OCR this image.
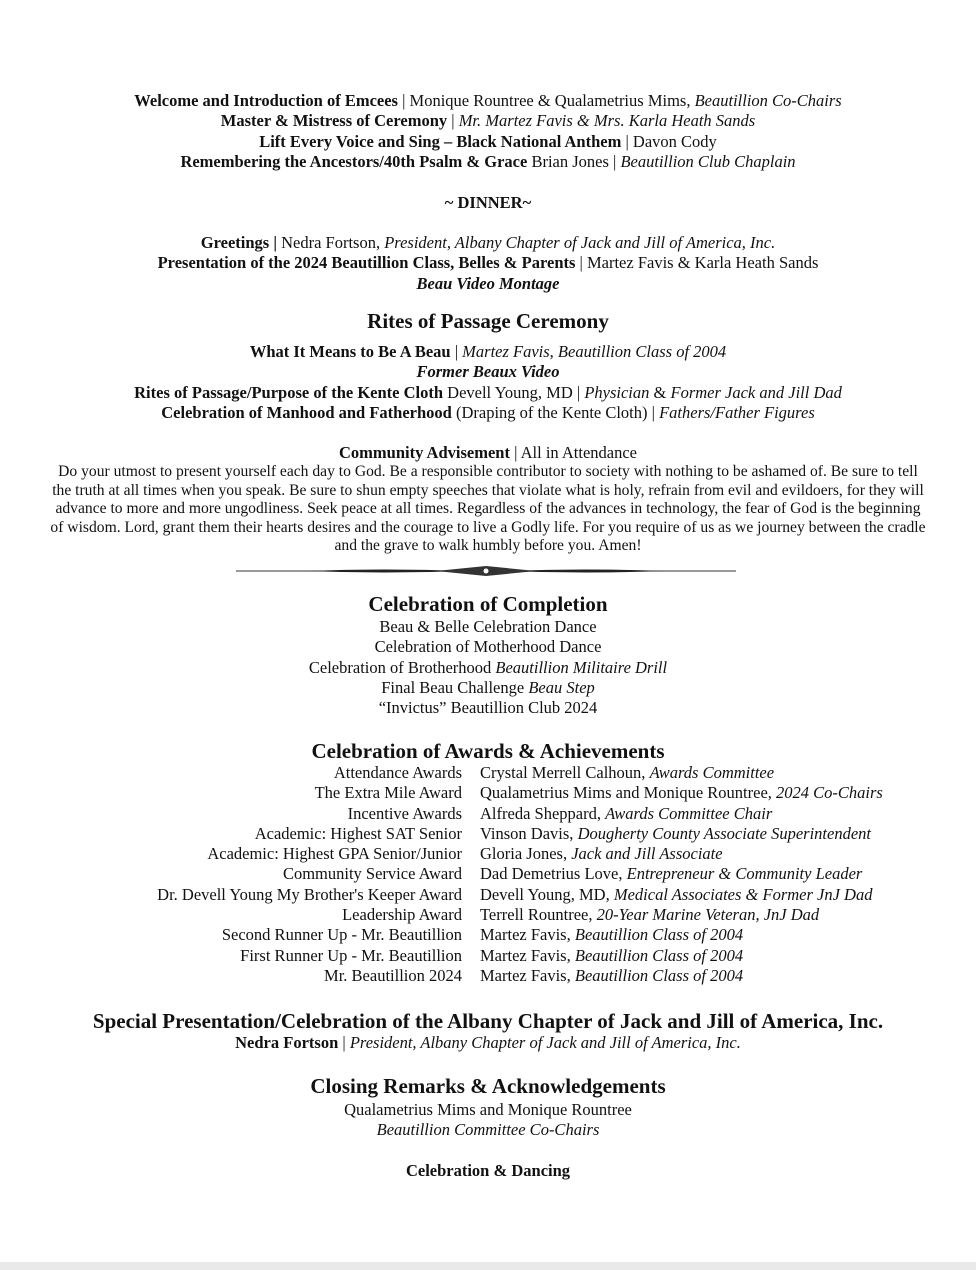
Welcome and Introduction of Emcees | Monique Rountree & Qualametrius Mims, Beautillion Co-Chairs
Master & Mistress of Ceremony | Mr. Martez Favis & Mrs. Karla Heath Sands
Lift Every Voice and Sing – Black National Anthem | Davon Cody
Remembering the Ancestors/40th Psalm & Grace Brian Jones | Beautillion Club Chaplain
~ DINNER~
Greetings | Nedra Fortson, President, Albany Chapter of Jack and Jill of America, Inc.
Presentation of the 2024 Beautillion Class, Belles & Parents | Martez Favis & Karla Heath Sands
Beau Video Montage
Rites of Passage Ceremony
What It Means to Be A Beau | Martez Favis, Beautillion Class of 2004
Former Beaux Video
Rites of Passage/Purpose of the Kente Cloth Devell Young, MD | Physician & Former Jack and Jill Dad
Celebration of Manhood and Fatherhood (Draping of the Kente Cloth) | Fathers/Father Figures
Community Advisement | All in Attendance
Do your utmost to present yourself each day to God. Be a responsible contributor to society with nothing to be ashamed of. Be sure to tell the truth at all times when you speak. Be sure to shun empty speeches that violate what is holy, refrain from evil and evildoers, for they will advance to more and more ungodliness. Seek peace at all times. Regardless of the advances in technology, the fear of God is the beginning of wisdom. Lord, grant them their hearts desires and the courage to live a Godly life. For you require of us as we journey between the cradle and the grave to walk humbly before you. Amen!
Celebration of Completion
Beau & Belle Celebration Dance
Celebration of Motherhood Dance
Celebration of Brotherhood Beautillion Militaire Drill
Final Beau Challenge Beau Step
“Invictus” Beautillion Club 2024
Celebration of Awards & Achievements
Attendance Awards Crystal Merrell Calhoun, Awards Committee
The Extra Mile Award Qualametrius Mims and Monique Rountree, 2024 Co-Chairs
Incentive Awards Alfreda Sheppard, Awards Committee Chair
Academic: Highest SAT Senior Vinson Davis, Dougherty County Associate Superintendent
Academic: Highest GPA Senior/Junior Gloria Jones, Jack and Jill Associate
Community Service Award Dad Demetrius Love, Entrepreneur & Community Leader
Dr. Devell Young My Brother's Keeper Award Devell Young, MD, Medical Associates & Former JnJ Dad
Leadership Award Terrell Rountree, 20-Year Marine Veteran, JnJ Dad
Second Runner Up - Mr. Beautillion Martez Favis, Beautillion Class of 2004
First Runner Up - Mr. Beautillion Martez Favis, Beautillion Class of 2004
Mr. Beautillion 2024 Martez Favis, Beautillion Class of 2004
Special Presentation/Celebration of the Albany Chapter of Jack and Jill of America, Inc.
Nedra Fortson | President, Albany Chapter of Jack and Jill of America, Inc.
Closing Remarks & Acknowledgements
Qualametrius Mims and Monique Rountree
Beautillion Committee Co-Chairs
Celebration & Dancing
